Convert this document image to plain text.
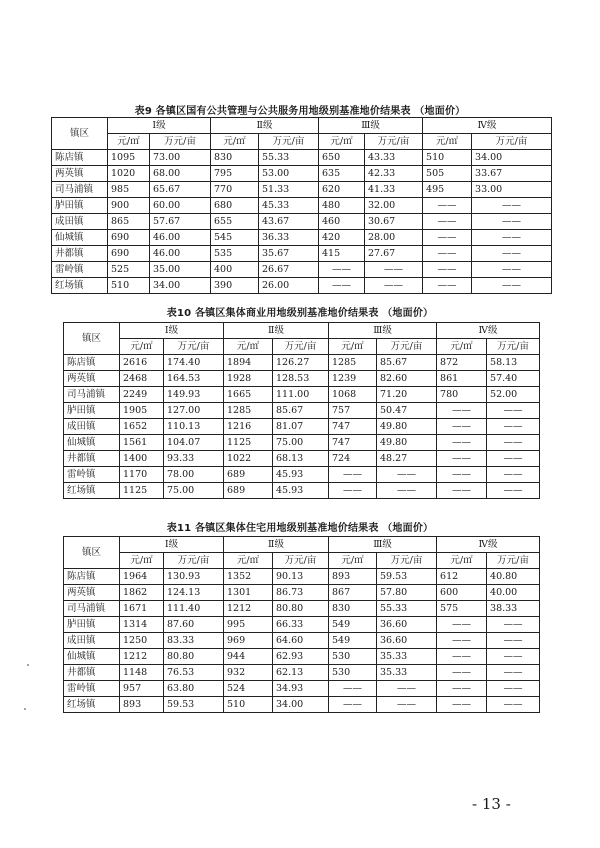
表9 各镇区国有公共管理与公共服务用地级别基准地价结果表 （地面价）
镇区	Ⅰ级		Ⅱ级		Ⅲ级		Ⅳ级	
	元/㎡	万元/亩	元/㎡	万元/亩	元/㎡	万元/亩	元/㎡	万元/亩
陈店镇	1095	73.00	830	55.33	650	43.33	510	34.00
两英镇	1020	68.00	795	53.00	635	42.33	505	33.67
司马浦镇	985	65.67	770	51.33	620	41.33	495	33.00
胪田镇	900	60.00	680	45.33	480	32.00	——	——
成田镇	865	57.67	655	43.67	460	30.67	——	——
仙城镇	690	46.00	545	36.33	420	28.00	——	——
井都镇	690	46.00	535	35.67	415	27.67	——	——
雷岭镇	525	35.00	400	26.67	——	——	——	——
红场镇	510	34.00	390	26.00	——	——	——	——
表10 各镇区集体商业用地级别基准地价结果表 （地面价）
镇区	Ⅰ级		Ⅱ级		Ⅲ级		Ⅳ级	
	元/㎡	万元/亩	元/㎡	万元/亩	元/㎡	万元/亩	元/㎡	万元/亩
陈店镇	2616	174.40	1894	126.27	1285	85.67	872	58.13
两英镇	2468	164.53	1928	128.53	1239	82.60	861	57.40
司马浦镇	2249	149.93	1665	111.00	1068	71.20	780	52.00
胪田镇	1905	127.00	1285	85.67	757	50.47	——	——
成田镇	1652	110.13	1216	81.07	747	49.80	——	——
仙城镇	1561	104.07	1125	75.00	747	49.80	——	——
井都镇	1400	93.33	1022	68.13	724	48.27	——	——
雷岭镇	1170	78.00	689	45.93	——	——	——	——
红场镇	1125	75.00	689	45.93	——	——	——	——
表11 各镇区集体住宅用地级别基准地价结果表 （地面价）
镇区	Ⅰ级		Ⅱ级		Ⅲ级		Ⅳ级	
	元/㎡	万元/亩	元/㎡	万元/亩	元/㎡	万元/亩	元/㎡	万元/亩
陈店镇	1964	130.93	1352	90.13	893	59.53	612	40.80
两英镇	1862	124.13	1301	86.73	867	57.80	600	40.00
司马浦镇	1671	111.40	1212	80.80	830	55.33	575	38.33
胪田镇	1314	87.60	995	66.33	549	36.60	——	——
成田镇	1250	83.33	969	64.60	549	36.60	——	——
仙城镇	1212	80.80	944	62.93	530	35.33	——	——
井都镇	1148	76.53	932	62.13	530	35.33	——	——
雷岭镇	957	63.80	524	34.93	——	——	——	——
红场镇	893	59.53	510	34.00	——	——	——	——
- 13 -
